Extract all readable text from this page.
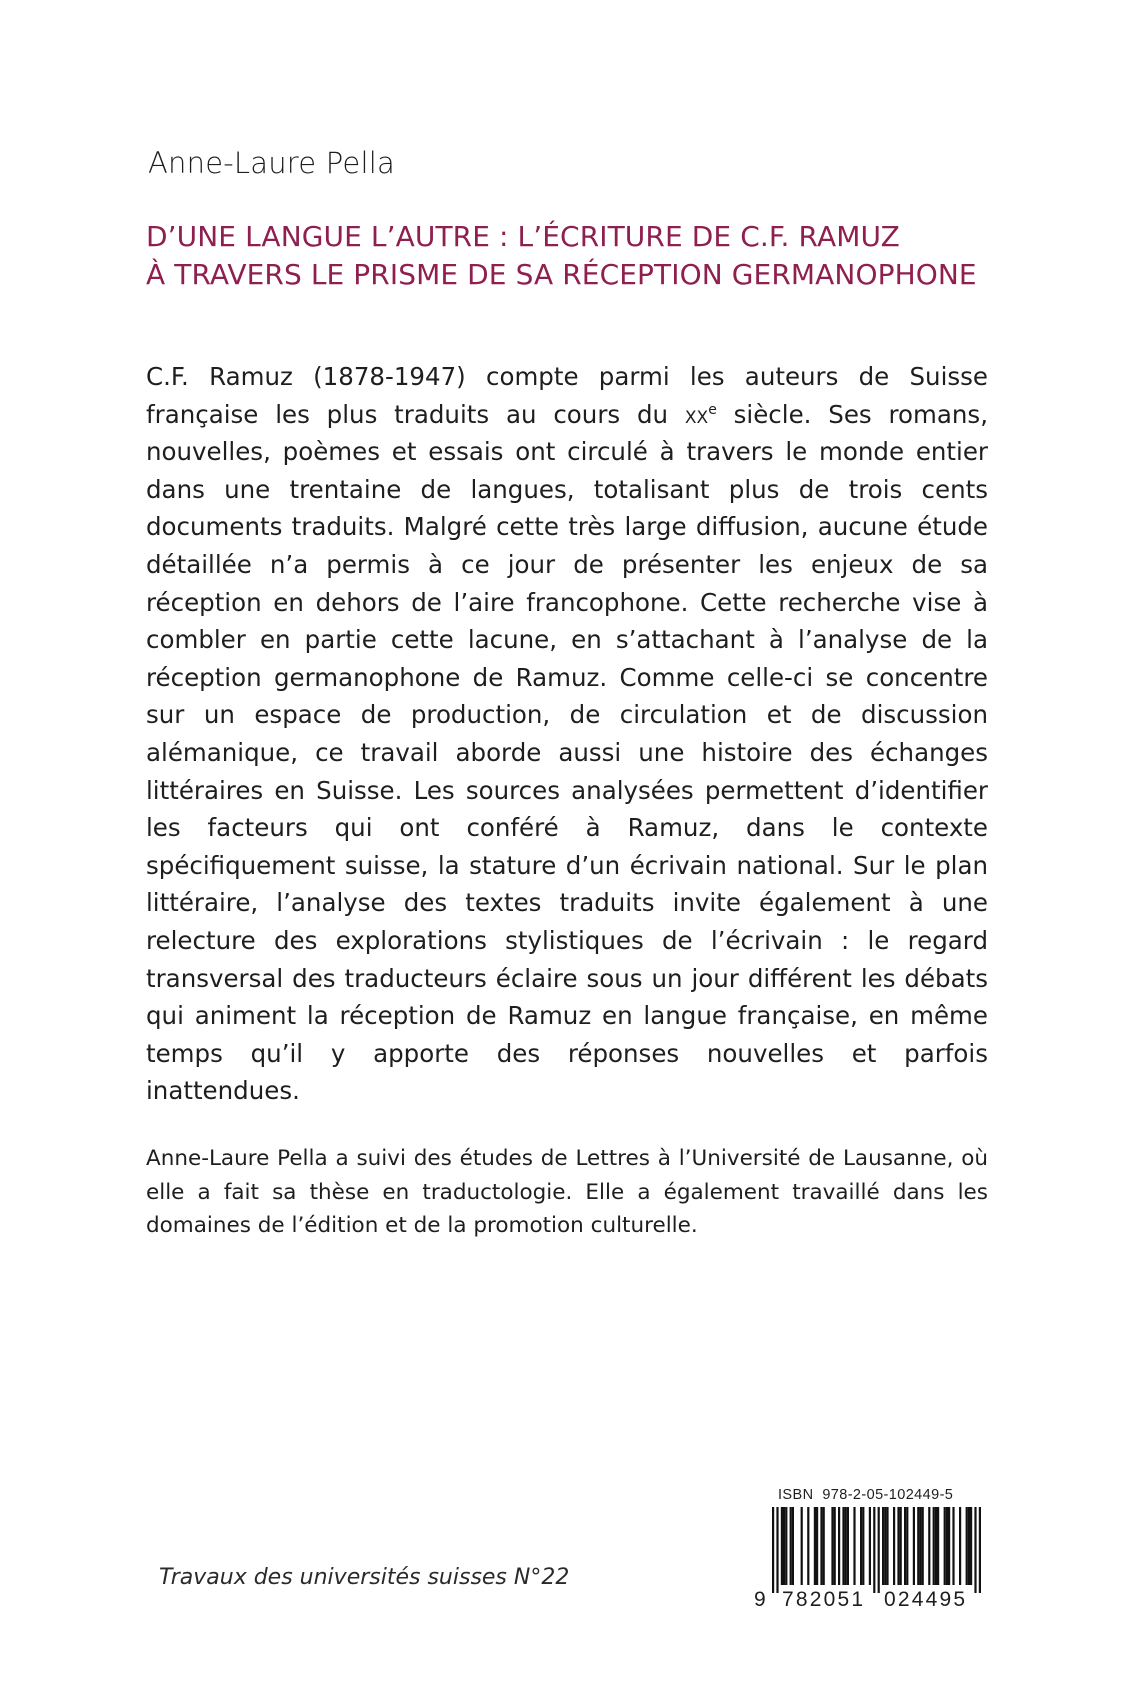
Anne-Laure Pella
D’UNE LANGUE L’AUTRE : L’ÉCRITURE DE C.F. RAMUZ
À TRAVERS LE PRISME DE SA RÉCEPTION GERMANOPHONE
C.F. Ramuz (1878-1947) compte parmi les auteurs de Suisse française les plus traduits au cours du $xx^e$ siècle. Ses romans, nouvelles, poèmes et essais ont circulé à travers le monde entier dans une trentaine de langues, totalisant plus de trois cents documents traduits. Malgré cette très large diffusion, aucune étude détaillée n’a permis à ce jour de présenter les enjeux de sa réception en dehors de l’aire francophone. Cette recherche vise à combler en partie cette lacune, en s’attachant à l’analyse de la réception germanophone de Ramuz. Comme celle-ci se concentre sur un espace de production, de circulation et de discussion alémanique, ce travail aborde aussi une histoire des échanges littéraires en Suisse. Les sources analysées permettent d’identifier les facteurs qui ont conféré à Ramuz, dans le contexte spécifiquement suisse, la stature d’un écrivain national. Sur le plan littéraire, l’analyse des textes traduits invite également à une relecture des explorations stylistiques de l’écrivain : le regard transversal des traducteurs éclaire sous un jour différent les débats qui animent la réception de Ramuz en langue française, en même temps qu’il y apporte des réponses nouvelles et parfois inattendues.
Anne-Laure Pella a suivi des études de Lettres à l’Université de Lausanne, où elle a fait sa thèse en traductologie. Elle a également travaillé dans les domaines de l’édition et de la promotion culturelle.
Travaux des universités suisses N°22
ISBN 978-2-05-102449-5
9 782051 024495
